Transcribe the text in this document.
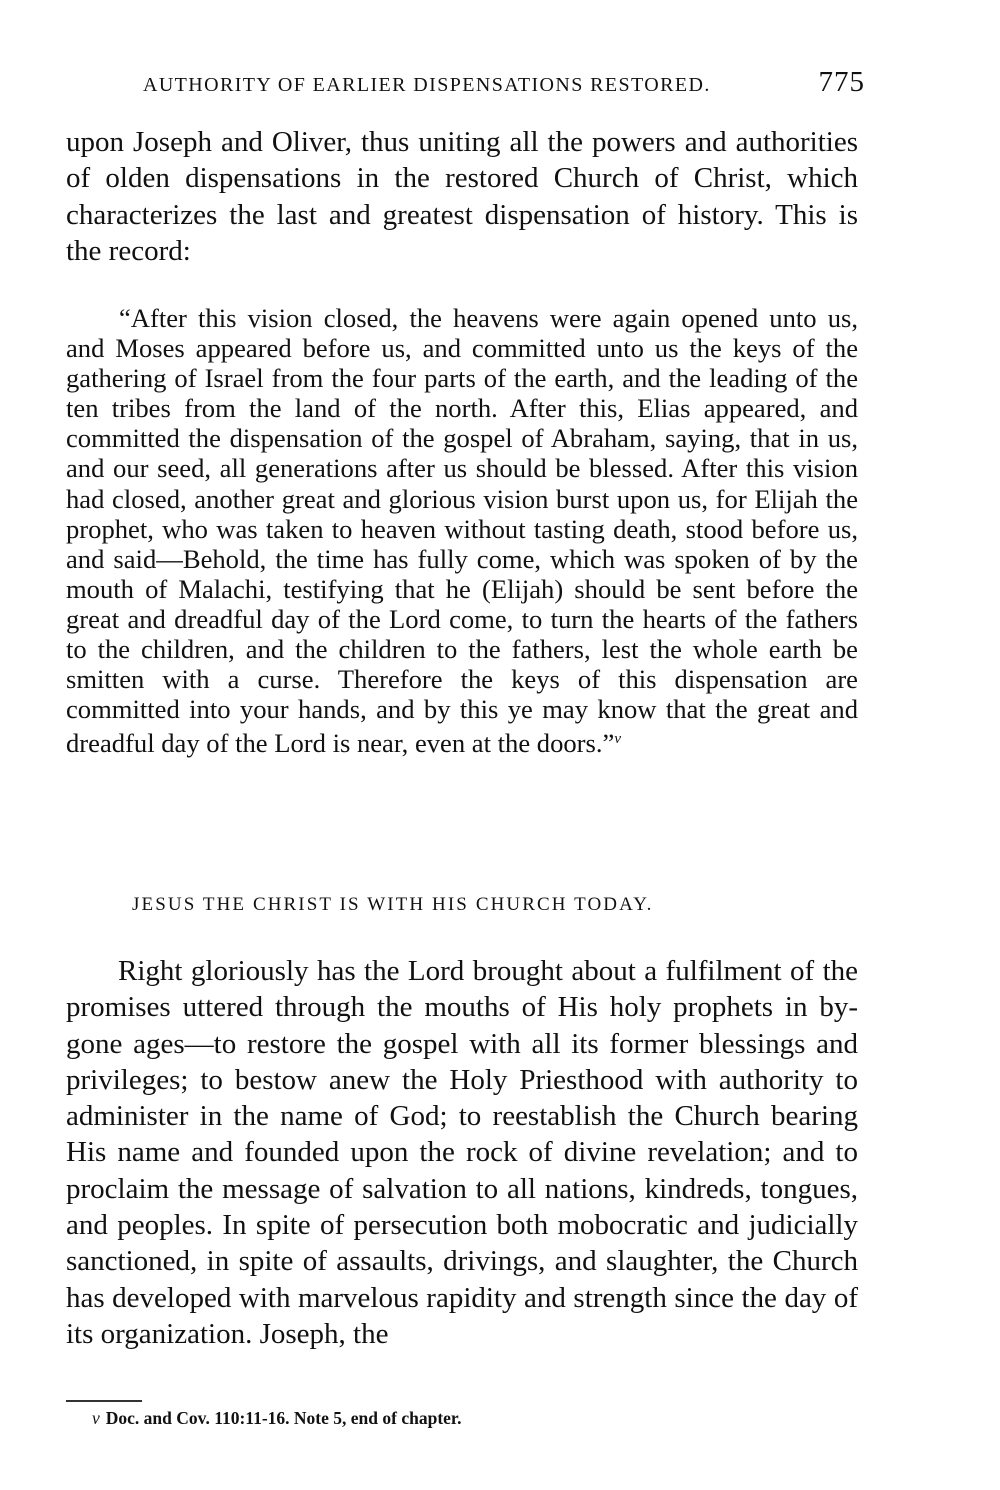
AUTHORITY OF EARLIER DISPENSATIONS RESTORED.	775

upon Joseph and Oliver, thus uniting all the powers and authorities of olden dispensations in the restored Church of Christ, which characterizes the last and greatest dispensation of history. This is the record:

“After this vision closed, the heavens were again opened unto us, and Moses appeared before us, and committed unto us the keys of the gathering of Israel from the four parts of the earth, and the leading of the ten tribes from the land of the north. After this, Elias appeared, and committed the dispensation of the gospel of Abraham, saying, that in us, and our seed, all generations after us should be blessed. After this vision had closed, another great and glorious vision burst upon us, for Elijah the prophet, who was taken to heaven without tasting death, stood before us, and said—Behold, the time has fully come, which was spoken of by the mouth of Malachi, testifying that he (Elijah) should be sent before the great and dreadful day of the Lord come, to turn the hearts of the fathers to the children, and the children to the fathers, lest the whole earth be smitten with a curse. Therefore the keys of this dispensation are committed into your hands, and by this ye may know that the great and dreadful day of the Lord is near, even at the doors.”$^v$

JESUS THE CHRIST IS WITH HIS CHURCH TODAY.

Right gloriously has the Lord brought about a fulfilment of the promises uttered through the mouths of His holy prophets in by-gone ages—to restore the gospel with all its former blessings and privileges; to bestow anew the Holy Priesthood with authority to administer in the name of God; to reestablish the Church bearing His name and founded upon the rock of divine revelation; and to proclaim the message of salvation to all nations, kindreds, tongues, and peoples. In spite of persecution both mobocratic and judicially sanctioned, in spite of assaults, drivings, and slaughter, the Church has developed with marvelous rapidity and strength since the day of its organization. Joseph, the

v Doc. and Cov. 110:11-16. Note 5, end of chapter.
